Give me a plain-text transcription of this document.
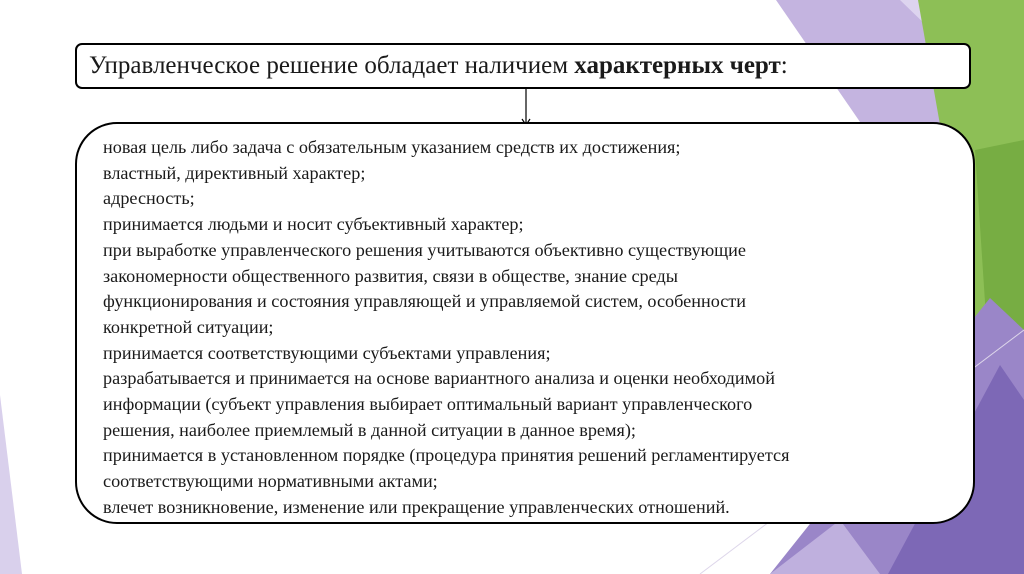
Управленческое решение обладает наличием характерных черт :
новая цель либо задача с обязательным указанием средств их достижения;
властный, директивный характер;
адресность;
принимается людьми и носит субъективный характер;
при выработке управленческого решения учитываются объективно существующие
закономерности общественного развития, связи в обществе, знание среды
функционирования и состояния управляющей и управляемой систем, особенности
конкретной ситуации;
принимается соответствующими субъектами управления;
разрабатывается и принимается на основе вариантного анализа и оценки необходимой
информации (субъект управления выбирает оптимальный вариант управленческого
решения, наиболее приемлемый в данной ситуации в данное время);
принимается в установленном порядке (процедура принятия решений регламентируется
соответствующими нормативными актами;
влечет возникновение, изменение или прекращение управленческих отношений.
